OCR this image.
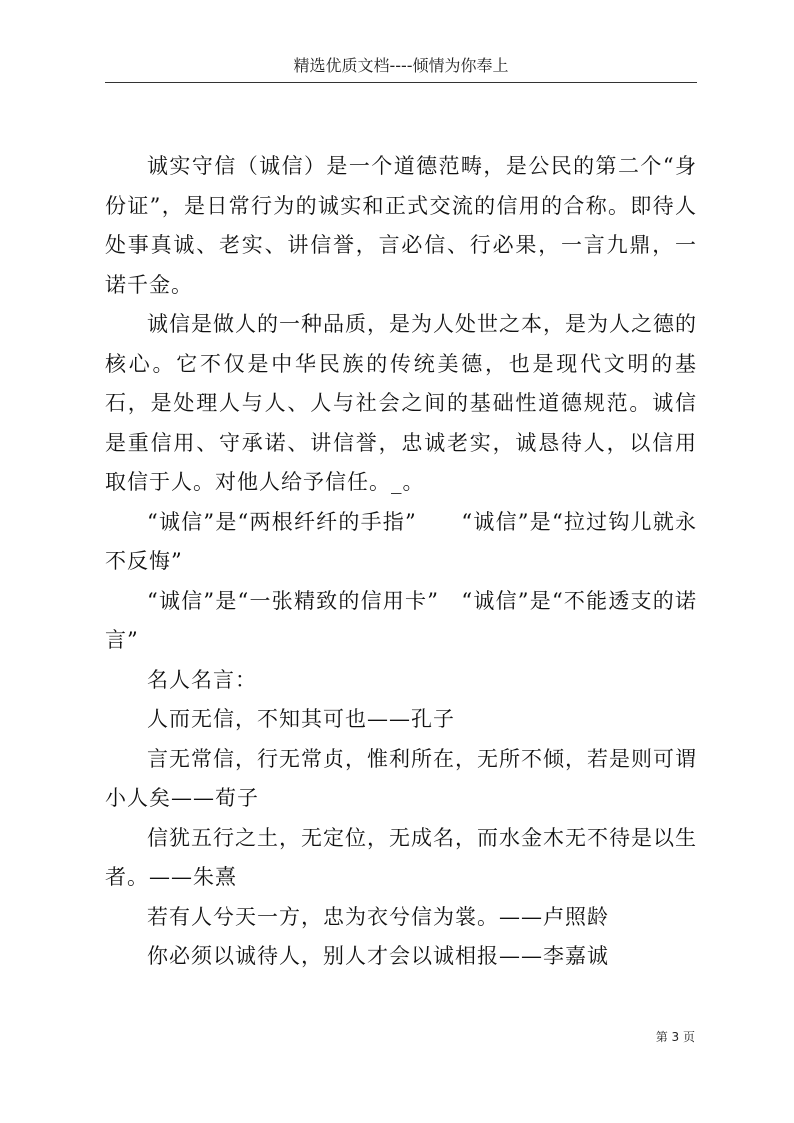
精选优质文档----倾情为你奉上

诚实守信（诚信）是一个道德范畴，是公民的第二个“身份证”，是日常行为的诚实和正式交流的信用的合称。即待人处事真诚、老实、讲信誉，言必信、行必果，一言九鼎，一诺千金。

诚信是做人的一种品质，是为人处世之本，是为人之德的核心。它不仅是中华民族的传统美德，也是现代文明的基石，是处理人与人、人与社会之间的基础性道德规范。诚信是重信用、守承诺、讲信誉，忠诚老实，诚恳待人，以信用取信于人。对他人给予信任。_。

“诚信”是“两根纤纤的手指”　　“诚信”是“拉过钩儿就永不反悔”

“诚信”是“一张精致的信用卡”　“诚信”是“不能透支的诺言”

名人名言：

人而无信，不知其可也——孔子

言无常信，行无常贞，惟利所在，无所不倾，若是则可谓小人矣——荀子

信犹五行之土，无定位，无成名，而水金木无不待是以生者。——朱熹

若有人兮天一方，忠为衣兮信为裳。——卢照龄

你必须以诚待人，别人才会以诚相报——李嘉诚

第 3 页
